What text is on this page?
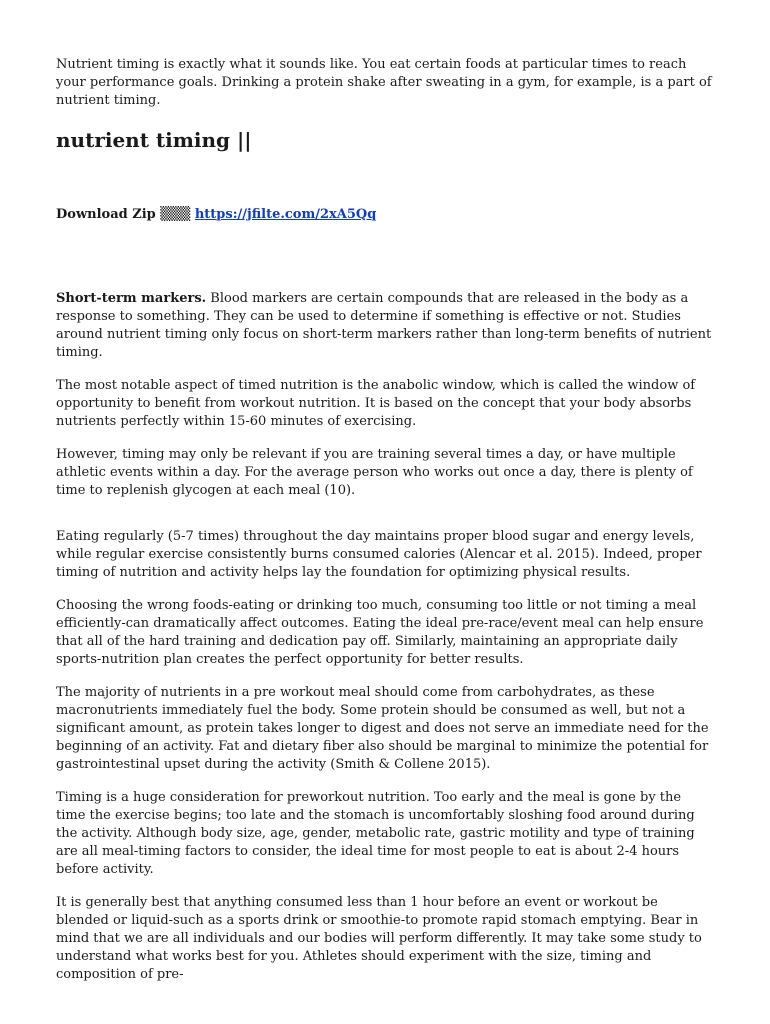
Nutrient timing is exactly what it sounds like. You eat certain foods at particular times to reach your performance goals. Drinking a protein shake after sweating in a gym, for example, is a part of nutrient timing.

nutrient timing ||
Download Zip ▒▒▒ https://jfilte.com/2xA5Qq

Short-term markers. Blood markers are certain compounds that are released in the body as a response to something. They can be used to determine if something is effective or not. Studies around nutrient timing only focus on short-term markers rather than long-term benefits of nutrient timing.

The most notable aspect of timed nutrition is the anabolic window, which is called the window of opportunity to benefit from workout nutrition. It is based on the concept that your body absorbs nutrients perfectly within 15-60 minutes of exercising.

However, timing may only be relevant if you are training several times a day, or have multiple athletic events within a day. For the average person who works out once a day, there is plenty of time to replenish glycogen at each meal (10).

Eating regularly (5-7 times) throughout the day maintains proper blood sugar and energy levels, while regular exercise consistently burns consumed calories (Alencar et al. 2015). Indeed, proper timing of nutrition and activity helps lay the foundation for optimizing physical results.

Choosing the wrong foods-eating or drinking too much, consuming too little or not timing a meal efficiently-can dramatically affect outcomes. Eating the ideal pre-race/event meal can help ensure that all of the hard training and dedication pay off. Similarly, maintaining an appropriate daily sports-nutrition plan creates the perfect opportunity for better results.

The majority of nutrients in a pre workout meal should come from carbohydrates, as these macronutrients immediately fuel the body. Some protein should be consumed as well, but not a significant amount, as protein takes longer to digest and does not serve an immediate need for the beginning of an activity. Fat and dietary fiber also should be marginal to minimize the potential for gastrointestinal upset during the activity (Smith & Collene 2015).

Timing is a huge consideration for preworkout nutrition. Too early and the meal is gone by the time the exercise begins; too late and the stomach is uncomfortably sloshing food around during the activity. Although body size, age, gender, metabolic rate, gastric motility and type of training are all meal-timing factors to consider, the ideal time for most people to eat is about 2-4 hours before activity.

It is generally best that anything consumed less than 1 hour before an event or workout be blended or liquid-such as a sports drink or smoothie-to promote rapid stomach emptying. Bear in mind that we are all individuals and our bodies will perform differently. It may take some study to understand what works best for you. Athletes should experiment with the size, timing and composition of pre-
